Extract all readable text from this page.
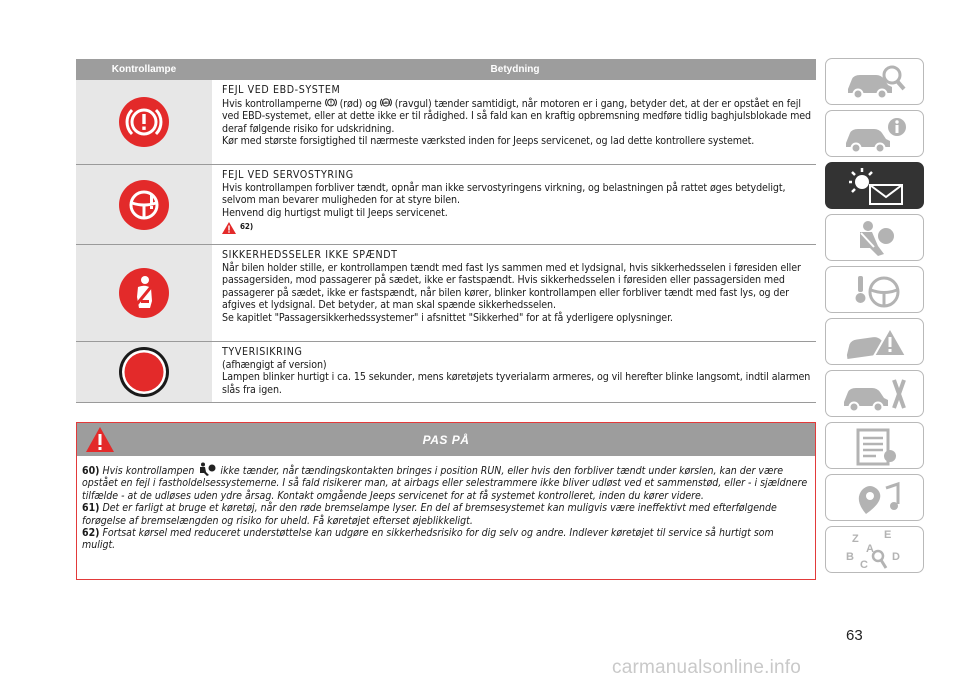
Kontrollampe	Betydning
FEJL VED EBD-SYSTEM
Hvis kontrollamperne (rød) og ABS (ravgul) tænder samtidigt, når motoren er i gang, betyder det, at der er opstået en fejl ved EBD-systemet, eller at dette ikke er til rådighed. I så fald kan en kraftig opbremsning medføre tidlig baghjulsblokade med deraf følgende risiko for udskridning.
Kør med største forsigtighed til nærmeste værksted inden for Jeeps servicenet, og lad dette kontrollere systemet.
FEJL VED SERVOSTYRING
Hvis kontrollampen forbliver tændt, opnår man ikke servostyringens virkning, og belastningen på rattet øges betydeligt, selvom man bevarer muligheden for at styre bilen.
Henvend dig hurtigst muligt til Jeeps servicenet.
62)
SIKKERHEDSSELER IKKE SPÆNDT
Når bilen holder stille, er kontrollampen tændt med fast lys sammen med et lydsignal, hvis sikkerhedsselen i føresiden eller passagersiden, mod passagerer på sædet, ikke er fastspændt. Hvis sikkerhedsselen i føresiden eller passagersiden med passagerer på sædet, ikke er fastspændt, når bilen kører, blinker kontrollampen eller forbliver tændt med fast lys, og der afgives et lydsignal. Det betyder, at man skal spænde sikkerhedsselen.
Se kapitlet "Passagersikkerhedssystemer" i afsnittet "Sikkerhed" for at få yderligere oplysninger.
TYVERISIKRING
(afhængigt af version)
Lampen blinker hurtigt i ca. 15 sekunder, mens køretøjets tyverialarm armeres, og vil herefter blinke langsomt, indtil alarmen slås fra igen.
PAS PÅ
60) Hvis kontrollampen ikke tænder, når tændingskontakten bringes i position RUN, eller hvis den forbliver tændt under kørslen, kan der være opstået en fejl i fastholdelsessystemerne. I så fald risikerer man, at airbags eller selestrammere ikke bliver udløst ved et sammenstød, eller - i sjældnere tilfælde - at de udløses uden ydre årsag. Kontakt omgående Jeeps servicenet for at få systemet kontrolleret, inden du kører videre.
61) Det er farligt at bruge et køretøj, når den røde bremselampe lyser. En del af bremsesystemet kan muligvis være ineffektivt med efterfølgende forøgelse af bremselængden og risiko for uheld. Få køretøjet efterset øjeblikkeligt.
62) Fortsat kørsel med reduceret understøttelse kan udgøre en sikkerhedsrisiko for dig selv og andre. Indlever køretøjet til service så hurtigt som muligt.
Z E
A
B
C
D
63
carmanualsonline.info
